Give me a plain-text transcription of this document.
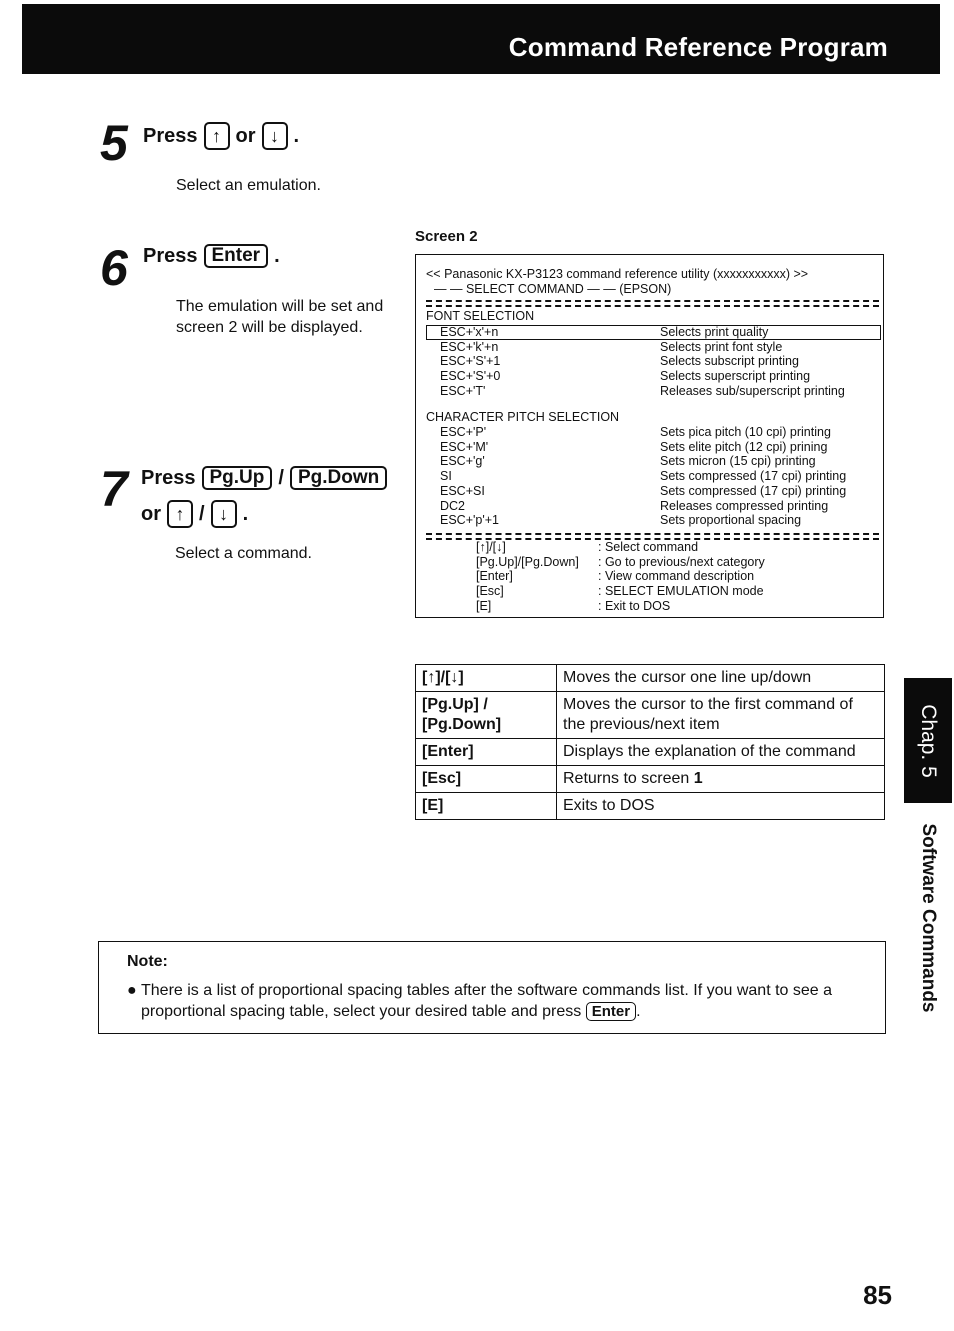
Command Reference Program
5 Press ↑ or ↓ .
Select an emulation.
6 Press Enter .
The emulation will be set and
screen 2 will be displayed.
7 Press Pg.Up / Pg.Down
or ↑ / ↓ .
Select a command.
Screen 2
<< Panasonic KX-P3123 command reference utility (xxxxxxxxxxx) >>
— — SELECT COMMAND — — (EPSON)
FONT SELECTION
ESC+'x'+n	Selects print quality
ESC+'k'+n	Selects print font style
ESC+'S'+1	Selects subscript printing
ESC+'S'+0	Selects superscript printing
ESC+'T'	Releases sub/superscript printing
CHARACTER PITCH SELECTION
ESC+'P'	Sets pica pitch (10 cpi) printing
ESC+'M'	Sets elite pitch (12 cpi) prining
ESC+'g'	Sets micron (15 cpi) printing
SI	Sets compressed (17 cpi) printing
ESC+SI	Sets compressed (17 cpi) printing
DC2	Releases compressed printing
ESC+'p'+1	Sets proportional spacing
[↑]/[↓]	: Select command
[Pg.Up]/[Pg.Down] : Go to previous/next category
[Enter]	: View command description
[Esc]	: SELECT EMULATION mode
[E]	: Exit to DOS
[↑]/[↓]	Moves the cursor one line up/down
[Pg.Up] /
[Pg.Down]	Moves the cursor to the first command of the previous/next item
[Enter]	Displays the explanation of the command
[Esc]	Returns to screen 1
[E]	Exits to DOS
Chap. 5
Software Commands
Note:
● There is a list of proportional spacing tables after the software commands list. If you want to see a proportional spacing table, select your desired table and press Enter .
85
